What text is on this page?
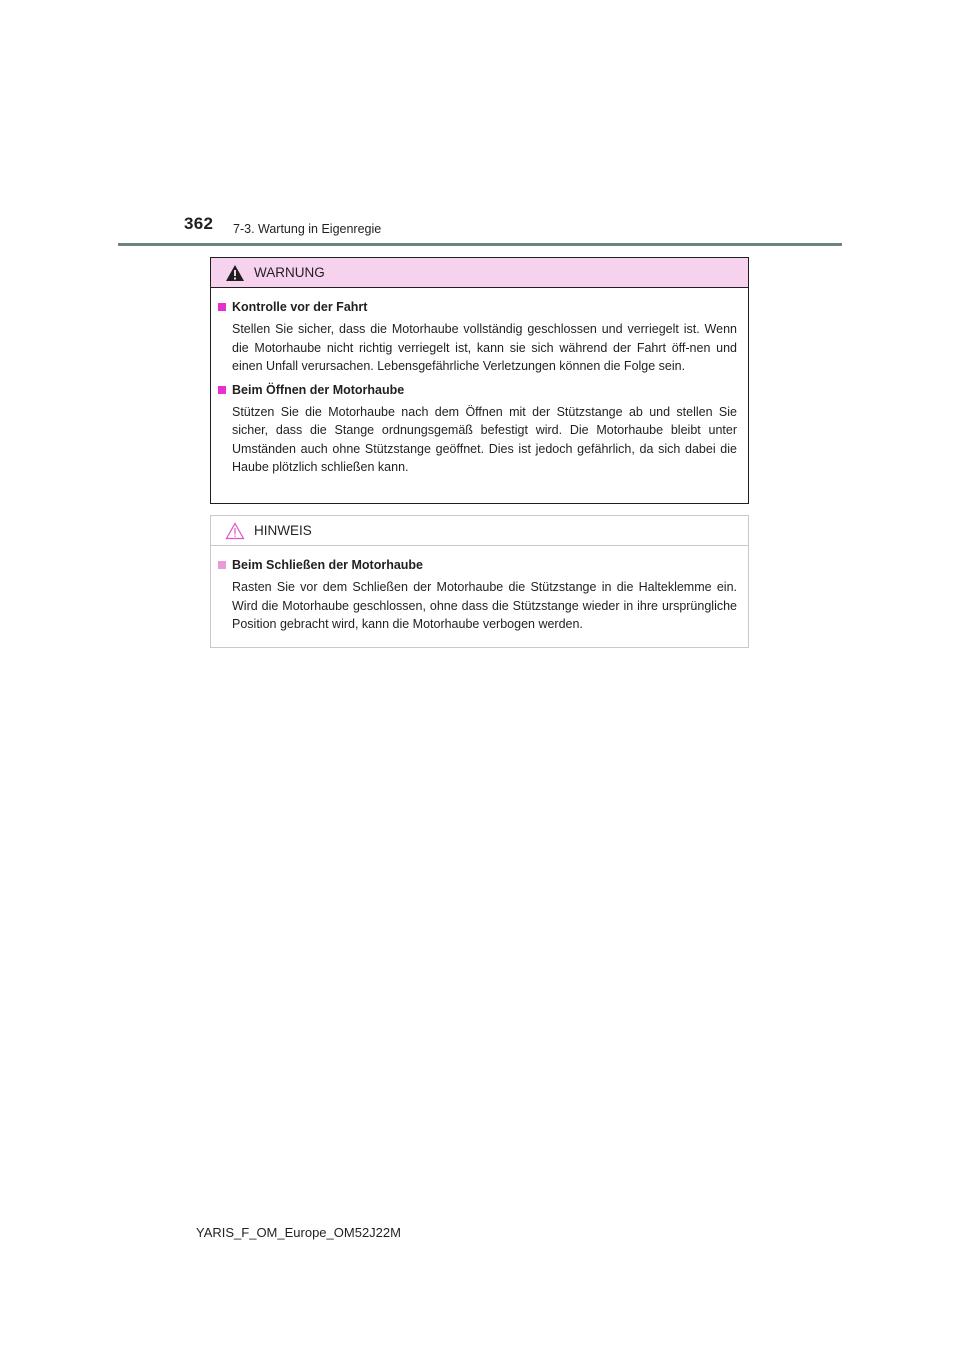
362 7-3. Wartung in Eigenregie
WARNUNG
Kontrolle vor der Fahrt
Stellen Sie sicher, dass die Motorhaube vollständig geschlossen und verriegelt ist. Wenn die Motorhaube nicht richtig verriegelt ist, kann sie sich während der Fahrt öff-nen und einen Unfall verursachen. Lebensgefährliche Verletzungen können die Folge sein.
Beim Öffnen der Motorhaube
Stützen Sie die Motorhaube nach dem Öffnen mit der Stützstange ab und stellen Sie sicher, dass die Stange ordnungsgemäß befestigt wird. Die Motorhaube bleibt unter Umständen auch ohne Stützstange geöffnet. Dies ist jedoch gefährlich, da sich dabei die Haube plötzlich schließen kann.
HINWEIS
Beim Schließen der Motorhaube
Rasten Sie vor dem Schließen der Motorhaube die Stützstange in die Halteklemme ein. Wird die Motorhaube geschlossen, ohne dass die Stützstange wieder in ihre ursprüngliche Position gebracht wird, kann die Motorhaube verbogen werden.
YARIS_F_OM_Europe_OM52J22M
